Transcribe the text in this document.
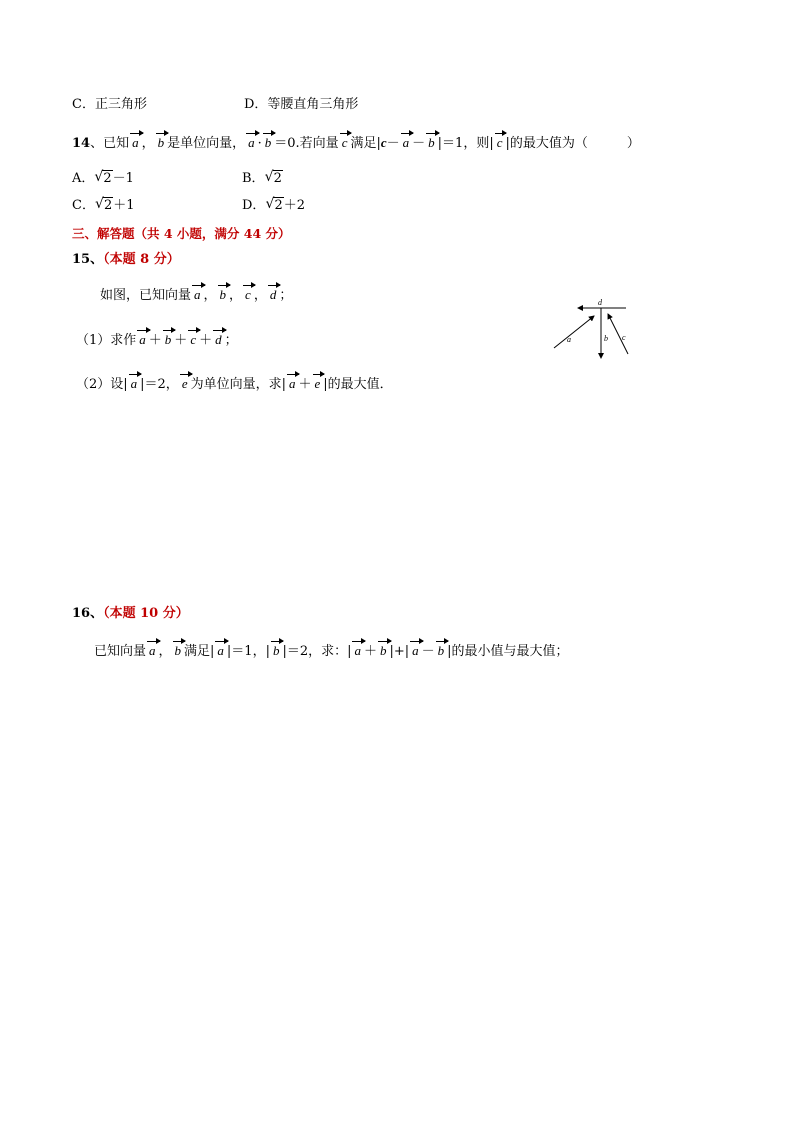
C．正三角形	D．等腰直角三角形
14、已知 a ， b 是单位向量， a · b ＝0.若向量 c 满足|c－ a － b |＝1，则| c |的最大值为（　　　）
A． √ 2－1	B． √ 2
C． √ 2＋1	D． √ 2＋2
三、解答题（共 4 小题，满分 44 分）
15、（本题 8 分）
如图，已知向量 a ， b ， c ， d ；
（1）求作 a ＋ b ＋ c ＋ d ；
（2）设| a |＝2， e 为单位向量，求| a ＋ e |的最大值．
d
a	b c
16、（本题 10 分）
已知向量 a ， b 满足| a |＝1，| b |＝2，求：| a ＋ b |+| a － b |的最小值与最大值；
